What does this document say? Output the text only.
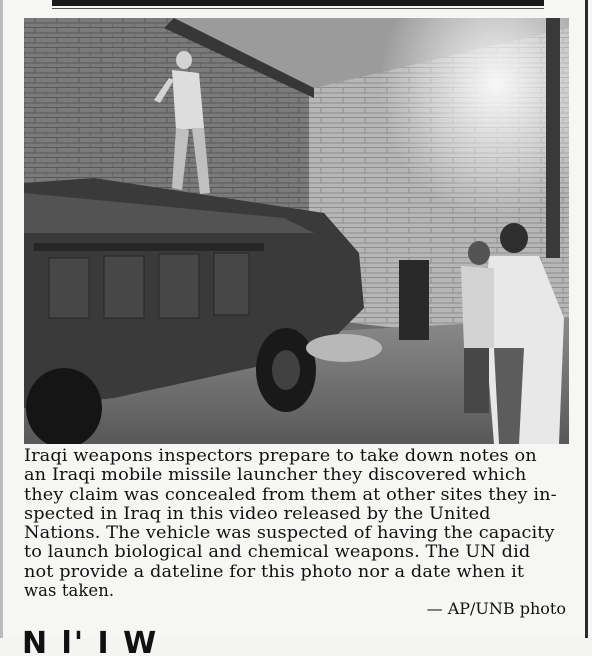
Iraqi weapons inspectors prepare to take down notes on
an Iraqi mobile missile launcher they discovered which
they claim was concealed from them at other sites they in-
spected in Iraq in this video released by the United
Nations. The vehicle was suspected of having the capacity
to launch biological and chemical weapons. The UN did
not provide a dateline for this photo nor a date when it
was taken.
— AP/UNB photo
N l' I W
